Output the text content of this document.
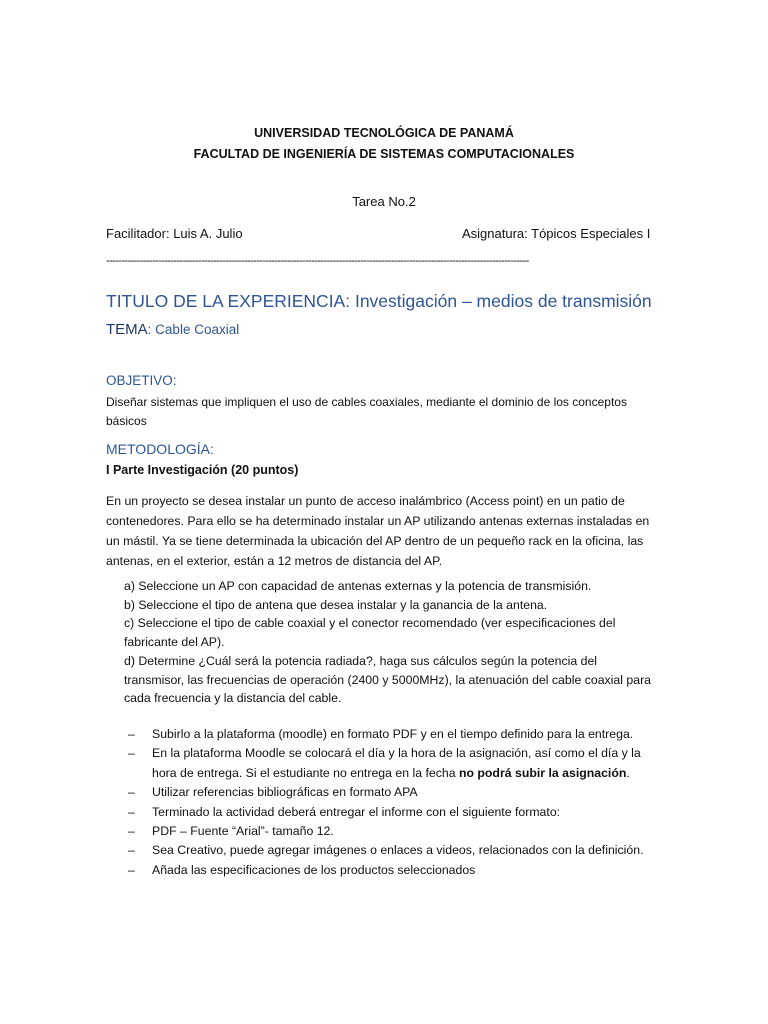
UNIVERSIDAD TECNOLÓGICA DE PANAMÁ
FACULTAD DE INGENIERÍA DE SISTEMAS COMPUTACIONALES
Tarea No.2
Facilitador: Luis A. Julio	Asignatura: Tópicos Especiales I
------------------------------------------------------------------------------------------------------------------------------------------
TITULO DE LA EXPERIENCIA: Investigación – medios de transmisión
TEMA: Cable Coaxial
OBJETIVO:
Diseñar sistemas que impliquen el uso de cables coaxiales, mediante el dominio de los conceptos básicos
METODOLOGÍA:
I Parte Investigación (20 puntos)
En un proyecto se desea instalar un punto de acceso inalámbrico (Access point) en un patio de
contenedores. Para ello se ha determinado instalar un AP utilizando antenas externas instaladas en
un mástil. Ya se tiene determinada la ubicación del AP dentro de un pequeño rack en la oficina, las
antenas, en el exterior, están a 12 metros de distancia del AP.
a) Seleccione un AP con capacidad de antenas externas y la potencia de transmisión.
b) Seleccione el tipo de antena que desea instalar y la ganancia de la antena.
c) Seleccione el tipo de cable coaxial y el conector recomendado (ver especificaciones del
fabricante del AP).
d) Determine ¿Cuál será la potencia radiada?, haga sus cálculos según la potencia del
transmisor, las frecuencias de operación (2400 y 5000MHz), la atenuación del cable coaxial para
cada frecuencia y la distancia del cable.
– Subirlo a la plataforma (moodle) en formato PDF y en el tiempo definido para la entrega.
– En la plataforma Moodle se colocará el día y la hora de la asignación, así como el día y la
hora de entrega. Si el estudiante no entrega en la fecha no podrá subir la asignación.
– Utilizar referencias bibliográficas en formato APA
– Terminado la actividad deberá entregar el informe con el siguiente formato:
– PDF – Fuente “Arial”- tamaño 12.
– Sea Creativo, puede agregar imágenes o enlaces a videos, relacionados con la definición.
– Añada las especificaciones de los productos seleccionados
